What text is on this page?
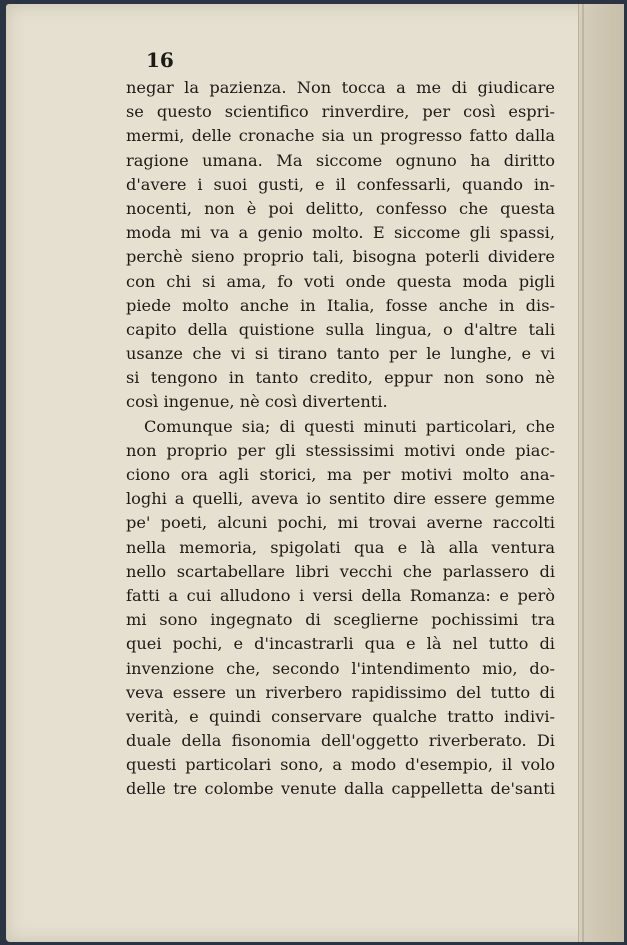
16
negar la pazienza. Non tocca a me di giudicare
se questo scientifico rinverdire, per così espri-
mermi, delle cronache sia un progresso fatto dalla
ragione umana. Ma siccome ognuno ha diritto
d'avere i suoi gusti, e il confessarli, quando in-
nocenti, non è poi delitto, confesso che questa
moda mi va a genio molto. E siccome gli spassi,
perchè sieno proprio tali, bisogna poterli dividere
con chi si ama, fo voti onde questa moda pigli
piede molto anche in Italia, fosse anche in dis-
capito della quistione sulla lingua, o d'altre tali
usanze che vi si tirano tanto per le lunghe, e vi
si tengono in tanto credito, eppur non sono nè
così ingenue, nè così divertenti.
Comunque sia; di questi minuti particolari, che
non proprio per gli stessissimi motivi onde piac-
ciono ora agli storici, ma per motivi molto ana-
loghi a quelli, aveva io sentito dire essere gemme
pe' poeti, alcuni pochi, mi trovai averne raccolti
nella memoria, spigolati qua e là alla ventura
nello scartabellare libri vecchi che parlassero di
fatti a cui alludono i versi della Romanza: e però
mi sono ingegnato di sceglierne pochissimi tra
quei pochi, e d'incastrarli qua e là nel tutto di
invenzione che, secondo l'intendimento mio, do-
veva essere un riverbero rapidissimo del tutto di
verità, e quindi conservare qualche tratto indivi-
duale della fisonomia dell'oggetto riverberato. Di
questi particolari sono, a modo d'esempio, il volo
delle tre colombe venute dalla cappelletta de'santi
